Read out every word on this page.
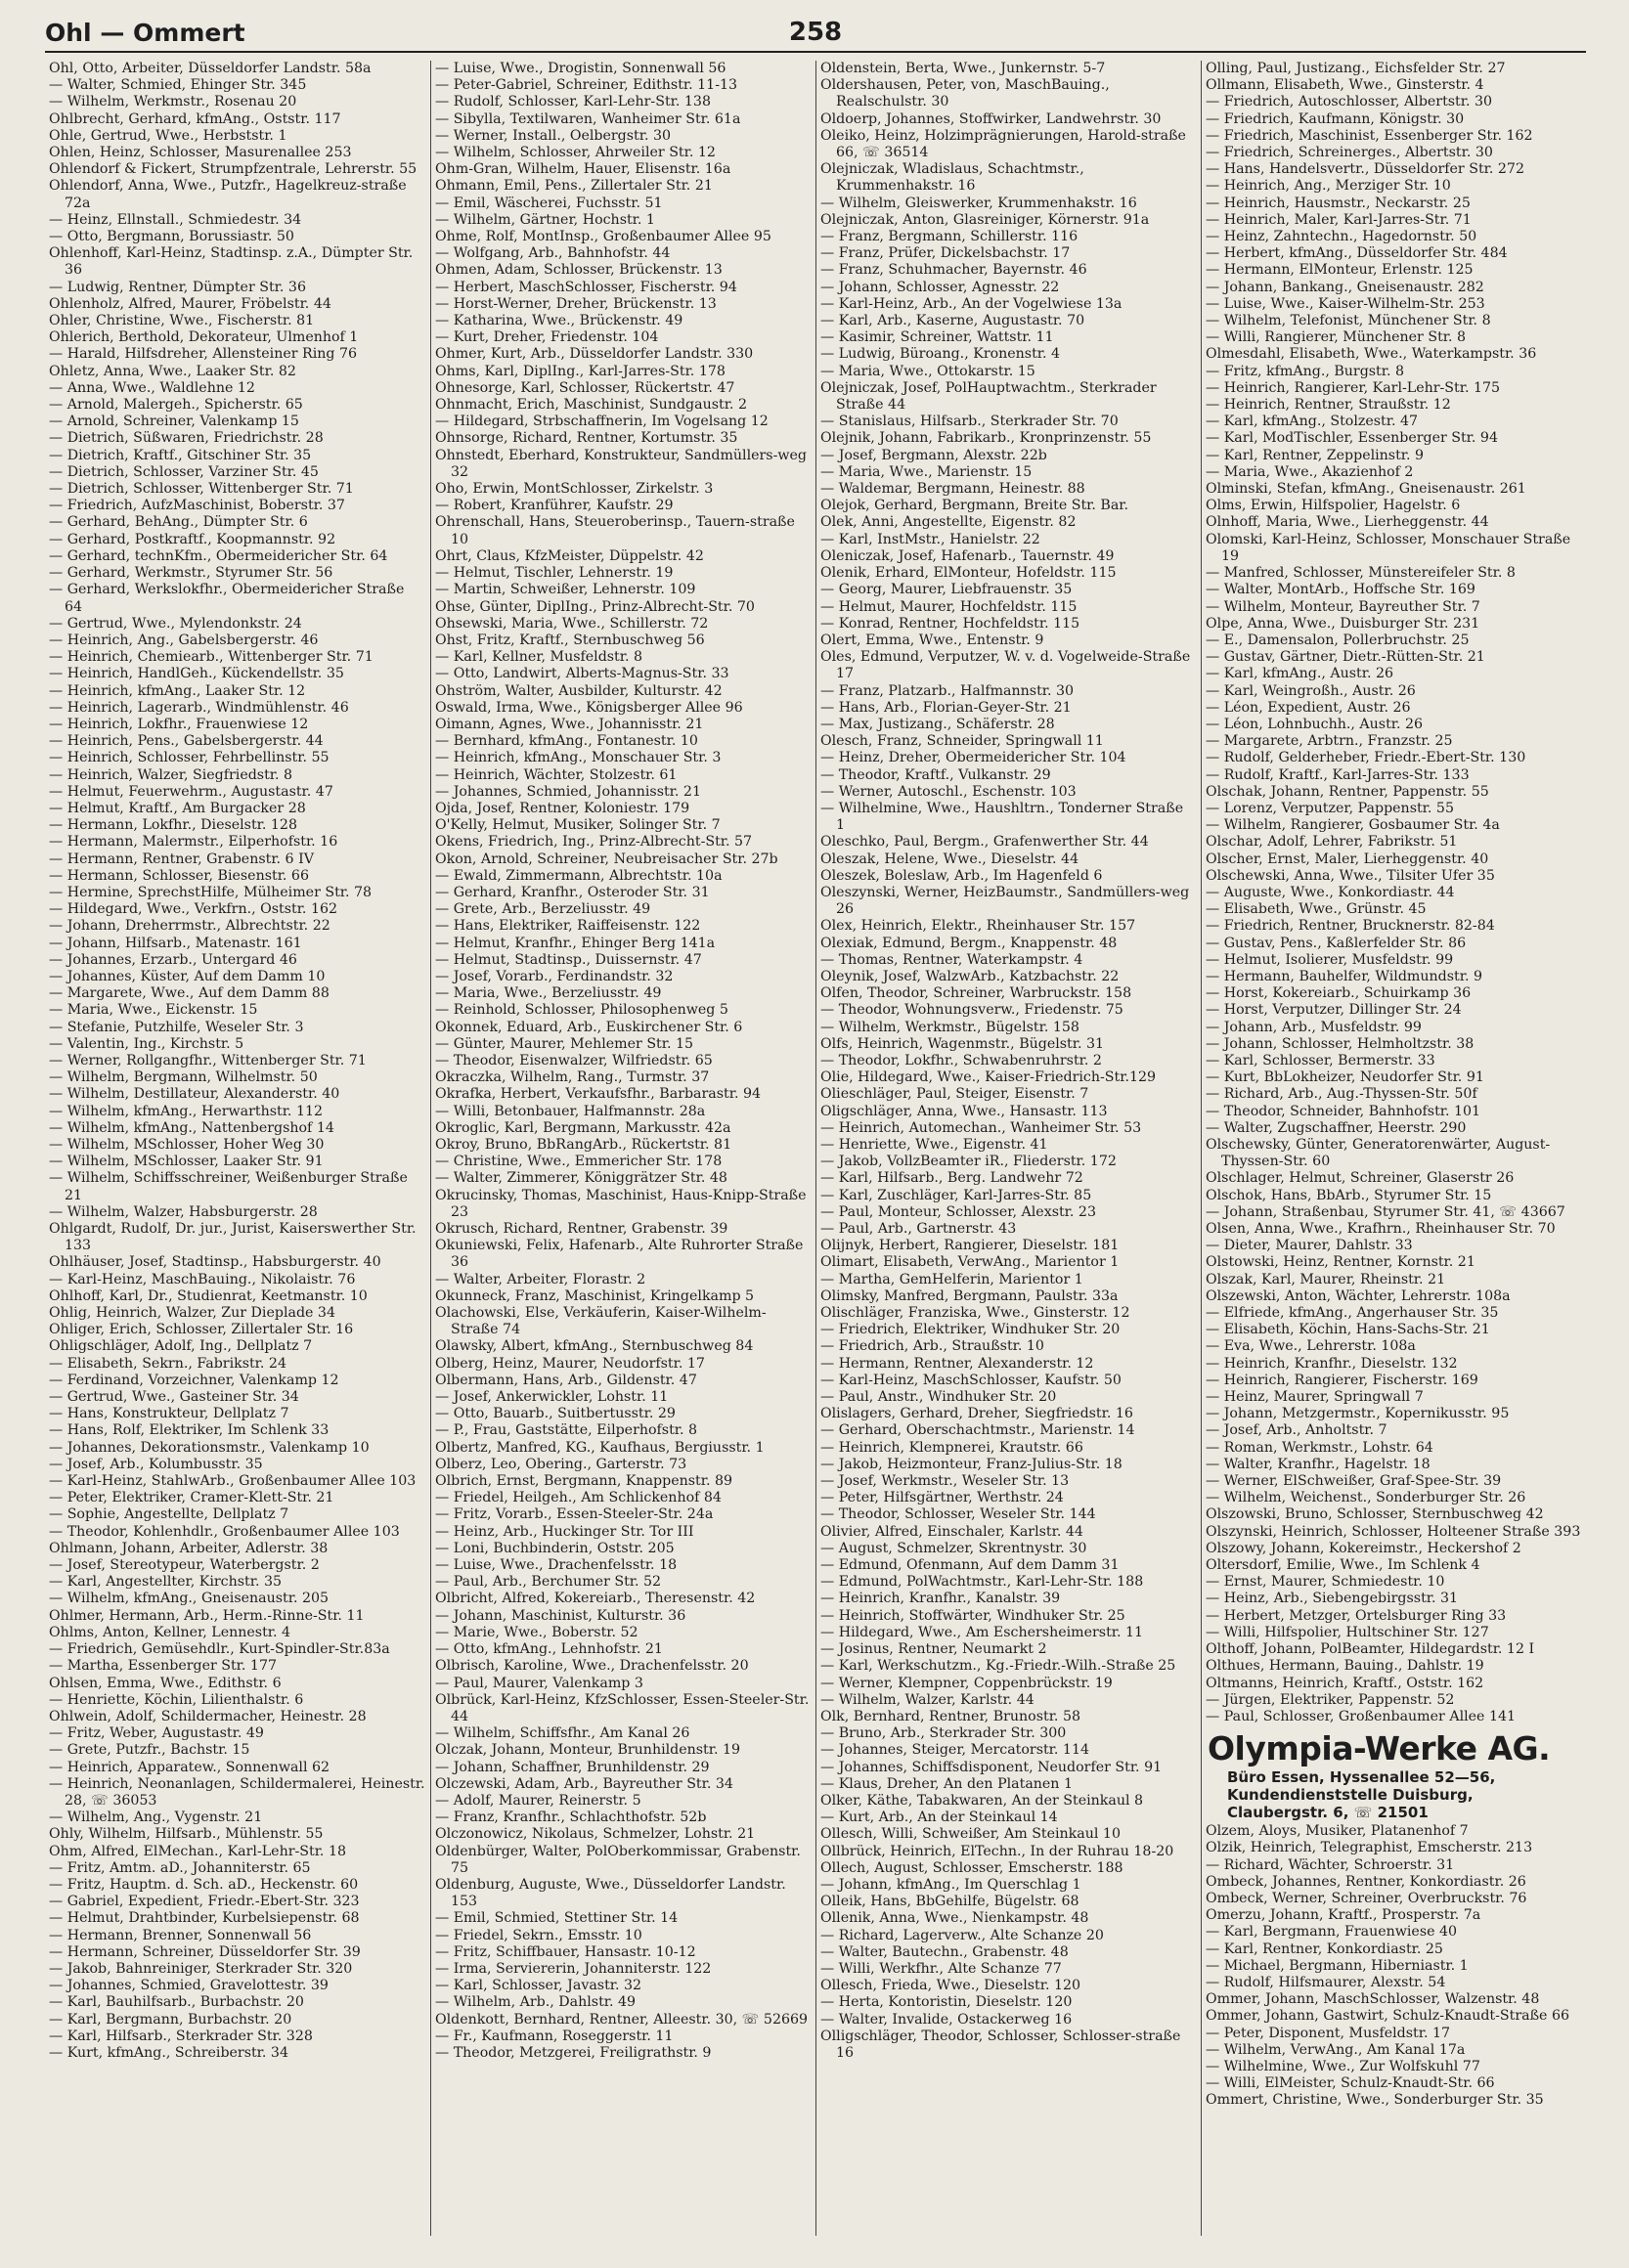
Ohl — Ommert	258
Ohl, Otto, Arbeiter, Düsseldorfer Landstr. 58a
— Walter, Schmied, Ehinger Str. 345
— Wilhelm, Werkmstr., Rosenau 20
Ohlbrecht, Gerhard, kfmAng., Oststr. 117
Ohle, Gertrud, Wwe., Herbststr. 1
Ohlen, Heinz, Schlosser, Masurenallee 253
Ohlendorf & Fickert, Strumpfzentrale, Lehrerstr. 55
Ohlendorf, Anna, Wwe., Putzfr., Hagelkreuz-straße 72a
— Heinz, Ellnstall., Schmiedestr. 34
— Otto, Bergmann, Borussiastr. 50
Ohlenhoff, Karl-Heinz, Stadtinsp. z.A., Dümpter Str. 36
— Ludwig, Rentner, Dümpter Str. 36
Ohlenholz, Alfred, Maurer, Fröbelstr. 44
Ohler, Christine, Wwe., Fischerstr. 81
Ohlerich, Berthold, Dekorateur, Ulmenhof 1
— Harald, Hilfsdreher, Allensteiner Ring 76
Ohletz, Anna, Wwe., Laaker Str. 82
— Anna, Wwe., Waldlehne 12
— Arnold, Malergeh., Spicherstr. 65
— Arnold, Schreiner, Valenkamp 15
— Dietrich, Süßwaren, Friedrichstr. 28
— Dietrich, Kraftf., Gitschiner Str. 35
— Dietrich, Schlosser, Varziner Str. 45
— Dietrich, Schlosser, Wittenberger Str. 71
— Friedrich, AufzMaschinist, Boberstr. 37
— Gerhard, BehAng., Dümpter Str. 6
— Gerhard, Postkraftf., Koopmannstr. 92
— Gerhard, technKfm., Obermeidericher Str. 64
— Gerhard, Werkmstr., Styrumer Str. 56
— Gerhard, Werkslokfhr., Obermeidericher Straße 64
— Gertrud, Wwe., Mylendonkstr. 24
— Heinrich, Ang., Gabelsbergerstr. 46
— Heinrich, Chemiearb., Wittenberger Str. 71
— Heinrich, HandlGeh., Kückendellstr. 35
— Heinrich, kfmAng., Laaker Str. 12
— Heinrich, Lagerarb., Windmühlenstr. 46
— Heinrich, Lokfhr., Frauenwiese 12
— Heinrich, Pens., Gabelsbergerstr. 44
— Heinrich, Schlosser, Fehrbellinstr. 55
— Heinrich, Walzer, Siegfriedstr. 8
— Helmut, Feuerwehrm., Augustastr. 47
— Helmut, Kraftf., Am Burgacker 28
— Hermann, Lokfhr., Dieselstr. 128
— Hermann, Malermstr., Eilperhofstr. 16
— Hermann, Rentner, Grabenstr. 6 IV
— Hermann, Schlosser, Biesenstr. 66
— Hermine, SprechstHilfe, Mülheimer Str. 78
— Hildegard, Wwe., Verkfrn., Oststr. 162
— Johann, Dreherrmstr., Albrechtstr. 22
— Johann, Hilfsarb., Matenastr. 161
— Johannes, Erzarb., Untergard 46
— Johannes, Küster, Auf dem Damm 10
— Margarete, Wwe., Auf dem Damm 88
— Maria, Wwe., Eickenstr. 15
— Stefanie, Putzhilfe, Weseler Str. 3
— Valentin, Ing., Kirchstr. 5
— Werner, Rollgangfhr., Wittenberger Str. 71
— Wilhelm, Bergmann, Wilhelmstr. 50
— Wilhelm, Destillateur, Alexanderstr. 40
— Wilhelm, kfmAng., Herwarthstr. 112
— Wilhelm, kfmAng., Nattenbergshof 14
— Wilhelm, MSchlosser, Hoher Weg 30
— Wilhelm, MSchlosser, Laaker Str. 91
— Wilhelm, Schiffsschreiner, Weißenburger Straße 21
— Wilhelm, Walzer, Habsburgerstr. 28
Ohlgardt, Rudolf, Dr. jur., Jurist, Kaiserswerther Str. 133
Ohlhäuser, Josef, Stadtinsp., Habsburgerstr. 40
— Karl-Heinz, MaschBauing., Nikolaistr. 76
Ohlhoff, Karl, Dr., Studienrat, Keetmanstr. 10
Ohlig, Heinrich, Walzer, Zur Dieplade 34
Ohliger, Erich, Schlosser, Zillertaler Str. 16
Ohligschläger, Adolf, Ing., Dellplatz 7
— Elisabeth, Sekrn., Fabrikstr. 24
— Ferdinand, Vorzeichner, Valenkamp 12
— Gertrud, Wwe., Gasteiner Str. 34
— Hans, Konstrukteur, Dellplatz 7
— Hans, Rolf, Elektriker, Im Schlenk 33
— Johannes, Dekorationsmstr., Valenkamp 10
— Josef, Arb., Kolumbusstr. 35
— Karl-Heinz, StahlwArb., Großenbaumer Allee 103
— Peter, Elektriker, Cramer-Klett-Str. 21
— Sophie, Angestellte, Dellplatz 7
— Theodor, Kohlenhdlr., Großenbaumer Allee 103
Ohlmann, Johann, Arbeiter, Adlerstr. 38
— Josef, Stereotypeur, Waterbergstr. 2
— Karl, Angestellter, Kirchstr. 35
— Wilhelm, kfmAng., Gneisenaustr. 205
Ohlmer, Hermann, Arb., Herm.-Rinne-Str. 11
Ohlms, Anton, Kellner, Lennestr. 4
— Friedrich, Gemüsehdlr., Kurt-Spindler-Str.83a
— Martha, Essenberger Str. 177
Ohlsen, Emma, Wwe., Edithstr. 6
— Henriette, Köchin, Lilienthalstr. 6
Ohlwein, Adolf, Schildermacher, Heinestr. 28
— Fritz, Weber, Augustastr. 49
— Grete, Putzfr., Bachstr. 15
— Heinrich, Apparatew., Sonnenwall 62
— Heinrich, Neonanlagen, Schildermalerei, Heinestr. 28, ☏ 36053
— Wilhelm, Ang., Vygenstr. 21
Ohly, Wilhelm, Hilfsarb., Mühlenstr. 55
Ohm, Alfred, ElMechan., Karl-Lehr-Str. 18
— Fritz, Amtm. aD., Johanniterstr. 65
— Fritz, Hauptm. d. Sch. aD., Heckenstr. 60
— Gabriel, Expedient, Friedr.-Ebert-Str. 323
— Helmut, Drahtbinder, Kurbelsiepenstr. 68
— Hermann, Brenner, Sonnenwall 56
— Hermann, Schreiner, Düsseldorfer Str. 39
— Jakob, Bahnreiniger, Sterkrader Str. 320
— Johannes, Schmied, Gravelottestr. 39
— Karl, Bauhilfsarb., Burbachstr. 20
— Karl, Bergmann, Burbachstr. 20
— Karl, Hilfsarb., Sterkrader Str. 328
— Kurt, kfmAng., Schreiberstr. 34
— Luise, Wwe., Drogistin, Sonnenwall 56
— Peter-Gabriel, Schreiner, Edithstr. 11-13
— Rudolf, Schlosser, Karl-Lehr-Str. 138
— Sibylla, Textilwaren, Wanheimer Str. 61a
— Werner, Install., Oelbergstr. 30
— Wilhelm, Schlosser, Ahrweiler Str. 12
Ohm-Gran, Wilhelm, Hauer, Elisenstr. 16a
Ohmann, Emil, Pens., Zillertaler Str. 21
— Emil, Wäscherei, Fuchsstr. 51
— Wilhelm, Gärtner, Hochstr. 1
Ohme, Rolf, MontInsp., Großenbaumer Allee 95
— Wolfgang, Arb., Bahnhofstr. 44
Ohmen, Adam, Schlosser, Brückenstr. 13
— Herbert, MaschSchlosser, Fischerstr. 94
— Horst-Werner, Dreher, Brückenstr. 13
— Katharina, Wwe., Brückenstr. 49
— Kurt, Dreher, Friedenstr. 104
Ohmer, Kurt, Arb., Düsseldorfer Landstr. 330
Ohms, Karl, DiplIng., Karl-Jarres-Str. 178
Ohnesorge, Karl, Schlosser, Rückertstr. 47
Ohnmacht, Erich, Maschinist, Sundgaustr. 2
— Hildegard, Strbschaffnerin, Im Vogelsang 12
Ohnsorge, Richard, Rentner, Kortumstr. 35
Ohnstedt, Eberhard, Konstrukteur, Sandmüllers-weg 32
Oho, Erwin, MontSchlosser, Zirkelstr. 3
— Robert, Kranführer, Kaufstr. 29
Ohrenschall, Hans, Steueroberinsp., Tauern-straße 10
Ohrt, Claus, KfzMeister, Düppelstr. 42
— Helmut, Tischler, Lehnerstr. 19
— Martin, Schweißer, Lehnerstr. 109
Ohse, Günter, DiplIng., Prinz-Albrecht-Str. 70
Ohsewski, Maria, Wwe., Schillerstr. 72
Ohst, Fritz, Kraftf., Sternbuschweg 56
— Karl, Kellner, Musfeldstr. 8
— Otto, Landwirt, Alberts-Magnus-Str. 33
Ohström, Walter, Ausbilder, Kulturstr. 42
Oswald, Irma, Wwe., Königsberger Allee 96
Oimann, Agnes, Wwe., Johannisstr. 21
— Bernhard, kfmAng., Fontanestr. 10
— Heinrich, kfmAng., Monschauer Str. 3
— Heinrich, Wächter, Stolzestr. 61
— Johannes, Schmied, Johannisstr. 21
Ojda, Josef, Rentner, Koloniestr. 179
O'Kelly, Helmut, Musiker, Solinger Str. 7
Okens, Friedrich, Ing., Prinz-Albrecht-Str. 57
Okon, Arnold, Schreiner, Neubreisacher Str. 27b
— Ewald, Zimmermann, Albrechtstr. 10a
— Gerhard, Kranfhr., Osteroder Str. 31
— Grete, Arb., Berzeliusstr. 49
— Hans, Elektriker, Raiffeisenstr. 122
— Helmut, Kranfhr., Ehinger Berg 141a
— Helmut, Stadtinsp., Duissernstr. 47
— Josef, Vorarb., Ferdinandstr. 32
— Maria, Wwe., Berzeliusstr. 49
— Reinhold, Schlosser, Philosophenweg 5
Okonnek, Eduard, Arb., Euskirchener Str. 6
— Günter, Maurer, Mehlemer Str. 15
— Theodor, Eisenwalzer, Wilfriedstr. 65
Okraczka, Wilhelm, Rang., Turmstr. 37
Okrafka, Herbert, Verkaufsfhr., Barbarastr. 94
— Willi, Betonbauer, Halfmannstr. 28a
Okroglic, Karl, Bergmann, Markusstr. 42a
Okroy, Bruno, BbRangArb., Rückertstr. 81
— Christine, Wwe., Emmericher Str. 178
— Walter, Zimmerer, Königgrätzer Str. 48
Okrucinsky, Thomas, Maschinist, Haus-Knipp-Straße 23
Okrusch, Richard, Rentner, Grabenstr. 39
Okuniewski, Felix, Hafenarb., Alte Ruhrorter Straße 36
— Walter, Arbeiter, Florastr. 2
Okunneck, Franz, Maschinist, Kringelkamp 5
Olachowski, Else, Verkäuferin, Kaiser-Wilhelm-Straße 74
Olawsky, Albert, kfmAng., Sternbuschweg 84
Olberg, Heinz, Maurer, Neudorfstr. 17
Olbermann, Hans, Arb., Gildenstr. 47
— Josef, Ankerwickler, Lohstr. 11
— Otto, Bauarb., Suitbertusstr. 29
— P., Frau, Gaststätte, Eilperhofstr. 8
Olbertz, Manfred, KG., Kaufhaus, Bergiusstr. 1
Olberz, Leo, Obering., Garterstr. 73
Olbrich, Ernst, Bergmann, Knappenstr. 89
— Friedel, Heilgeh., Am Schlickenhof 84
— Fritz, Vorarb., Essen-Steeler-Str. 24a
— Heinz, Arb., Huckinger Str. Tor III
— Loni, Buchbinderin, Oststr. 205
— Luise, Wwe., Drachenfelsstr. 18
— Paul, Arb., Berchumer Str. 52
Olbricht, Alfred, Kokereiarb., Theresenstr. 42
— Johann, Maschinist, Kulturstr. 36
— Marie, Wwe., Boberstr. 52
— Otto, kfmAng., Lehnhofstr. 21
Olbrisch, Karoline, Wwe., Drachenfelsstr. 20
— Paul, Maurer, Valenkamp 3
Olbrück, Karl-Heinz, KfzSchlosser, Essen-Steeler-Str. 44
— Wilhelm, Schiffsfhr., Am Kanal 26
Olczak, Johann, Monteur, Brunhildenstr. 19
— Johann, Schaffner, Brunhildenstr. 29
Olczewski, Adam, Arb., Bayreuther Str. 34
— Adolf, Maurer, Reinerstr. 5
— Franz, Kranfhr., Schlachthofstr. 52b
Olczonowicz, Nikolaus, Schmelzer, Lohstr. 21
Oldenbürger, Walter, PolOberkommissar, Grabenstr. 75
Oldenburg, Auguste, Wwe., Düsseldorfer Landstr. 153
— Emil, Schmied, Stettiner Str. 14
— Friedel, Sekrn., Emsstr. 10
— Fritz, Schiffbauer, Hansastr. 10-12
— Irma, Serviererin, Johanniterstr. 122
— Karl, Schlosser, Javastr. 32
— Wilhelm, Arb., Dahlstr. 49
Oldenkott, Bernhard, Rentner, Alleestr. 30, ☏ 52669
— Fr., Kaufmann, Roseggerstr. 11
— Theodor, Metzgerei, Freiligrathstr. 9
Oldenstein, Berta, Wwe., Junkernstr. 5-7
Oldershausen, Peter, von, MaschBauing., Realschulstr. 30
Oldoerp, Johannes, Stoffwirker, Landwehrstr. 30
Oleiko, Heinz, Holzimprägnierungen, Harold-straße 66, ☏ 36514
Olejniczak, Wladislaus, Schachtmstr., Krummenhakstr. 16
— Wilhelm, Gleiswerker, Krummenhakstr. 16
Olejniczak, Anton, Glasreiniger, Körnerstr. 91a
— Franz, Bergmann, Schillerstr. 116
— Franz, Prüfer, Dickelsbachstr. 17
— Franz, Schuhmacher, Bayernstr. 46
— Johann, Schlosser, Agnesstr. 22
— Karl-Heinz, Arb., An der Vogelwiese 13a
— Karl, Arb., Kaserne, Augustastr. 70
— Kasimir, Schreiner, Wattstr. 11
— Ludwig, Büroang., Kronenstr. 4
— Maria, Wwe., Ottokarstr. 15
Olejniczak, Josef, PolHauptwachtm., Sterkrader Straße 44
— Stanislaus, Hilfsarb., Sterkrader Str. 70
Olejnik, Johann, Fabrikarb., Kronprinzenstr. 55
— Josef, Bergmann, Alexstr. 22b
— Maria, Wwe., Marienstr. 15
— Waldemar, Bergmann, Heinestr. 88
Olejok, Gerhard, Bergmann, Breite Str. Bar.
Olek, Anni, Angestellte, Eigenstr. 82
— Karl, InstMstr., Hanielstr. 22
Oleniczak, Josef, Hafenarb., Tauernstr. 49
Olenik, Erhard, ElMonteur, Hofeldstr. 115
— Georg, Maurer, Liebfrauenstr. 35
— Helmut, Maurer, Hochfeldstr. 115
— Konrad, Rentner, Hochfeldstr. 115
Olert, Emma, Wwe., Entenstr. 9
Oles, Edmund, Verputzer, W. v. d. Vogelweide-Straße 17
— Franz, Platzarb., Halfmannstr. 30
— Hans, Arb., Florian-Geyer-Str. 21
— Max, Justizang., Schäferstr. 28
Olesch, Franz, Schneider, Springwall 11
— Heinz, Dreher, Obermeidericher Str. 104
— Theodor, Kraftf., Vulkanstr. 29
— Werner, Autoschl., Eschenstr. 103
— Wilhelmine, Wwe., Haushltrn., Tonderner Straße 1
Oleschko, Paul, Bergm., Grafenwerther Str. 44
Oleszak, Helene, Wwe., Dieselstr. 44
Oleszek, Boleslaw, Arb., Im Hagenfeld 6
Oleszynski, Werner, HeizBaumstr., Sandmüllers-weg 26
Olex, Heinrich, Elektr., Rheinhauser Str. 157
Olexiak, Edmund, Bergm., Knappenstr. 48
— Thomas, Rentner, Waterkampstr. 4
Oleynik, Josef, WalzwArb., Katzbachstr. 22
Olfen, Theodor, Schreiner, Warbruckstr. 158
— Theodor, Wohnungsverw., Friedenstr. 75
— Wilhelm, Werkmstr., Bügelstr. 158
Olfs, Heinrich, Wagenmstr., Bügelstr. 31
— Theodor, Lokfhr., Schwabenruhrstr. 2
Olie, Hildegard, Wwe., Kaiser-Friedrich-Str.129
Olieschläger, Paul, Steiger, Eisenstr. 7
Oligschläger, Anna, Wwe., Hansastr. 113
— Heinrich, Automechan., Wanheimer Str. 53
— Henriette, Wwe., Eigenstr. 41
— Jakob, VollzBeamter iR., Fliederstr. 172
— Karl, Hilfsarb., Berg. Landwehr 72
— Karl, Zuschläger, Karl-Jarres-Str. 85
— Paul, Monteur, Schlosser, Alexstr. 23
— Paul, Arb., Gartnerstr. 43
Olijnyk, Herbert, Rangierer, Dieselstr. 181
Olimart, Elisabeth, VerwAng., Marientor 1
— Martha, GemHelferin, Marientor 1
Olimsky, Manfred, Bergmann, Paulstr. 33a
Olischläger, Franziska, Wwe., Ginsterstr. 12
— Friedrich, Elektriker, Windhuker Str. 20
— Friedrich, Arb., Straußstr. 10
— Hermann, Rentner, Alexanderstr. 12
— Karl-Heinz, MaschSchlosser, Kaufstr. 50
— Paul, Anstr., Windhuker Str. 20
Olislagers, Gerhard, Dreher, Siegfriedstr. 16
— Gerhard, Oberschachtmstr., Marienstr. 14
— Heinrich, Klempnerei, Krautstr. 66
— Jakob, Heizmonteur, Franz-Julius-Str. 18
— Josef, Werkmstr., Weseler Str. 13
— Peter, Hilfsgärtner, Werthstr. 24
— Theodor, Schlosser, Weseler Str. 144
Olivier, Alfred, Einschaler, Karlstr. 44
— August, Schmelzer, Skrentnystr. 30
— Edmund, Ofenmann, Auf dem Damm 31
— Edmund, PolWachtmstr., Karl-Lehr-Str. 188
— Heinrich, Kranfhr., Kanalstr. 39
— Heinrich, Stoffwärter, Windhuker Str. 25
— Hildegard, Wwe., Am Eschersheimerstr. 11
— Josinus, Rentner, Neumarkt 2
— Karl, Werkschutzm., Kg.-Friedr.-Wilh.-Straße 25
— Werner, Klempner, Coppenbrückstr. 19
— Wilhelm, Walzer, Karlstr. 44
Olk, Bernhard, Rentner, Brunostr. 58
— Bruno, Arb., Sterkrader Str. 300
— Johannes, Steiger, Mercatorstr. 114
— Johannes, Schiffsdisponent, Neudorfer Str. 91
— Klaus, Dreher, An den Platanen 1
Olker, Käthe, Tabakwaren, An der Steinkaul 8
— Kurt, Arb., An der Steinkaul 14
Ollesch, Willi, Schweißer, Am Steinkaul 10
Ollbrück, Heinrich, ElTechn., In der Ruhrau 18-20
Ollech, August, Schlosser, Emscherstr. 188
— Johann, kfmAng., Im Querschlag 1
Olleik, Hans, BbGehilfe, Bügelstr. 68
Ollenik, Anna, Wwe., Nienkampstr. 48
— Richard, Lagerverw., Alte Schanze 20
— Walter, Bautechn., Grabenstr. 48
— Willi, Werkfhr., Alte Schanze 77
Ollesch, Frieda, Wwe., Dieselstr. 120
— Herta, Kontoristin, Dieselstr. 120
— Walter, Invalide, Ostackerweg 16
Olligschläger, Theodor, Schlosser, Schlosser-straße 16
Olling, Paul, Justizang., Eichsfelder Str. 27
Ollmann, Elisabeth, Wwe., Ginsterstr. 4
— Friedrich, Autoschlosser, Albertstr. 30
— Friedrich, Kaufmann, Königstr. 30
— Friedrich, Maschinist, Essenberger Str. 162
— Friedrich, Schreinerges., Albertstr. 30
— Hans, Handelsvertr., Düsseldorfer Str. 272
— Heinrich, Ang., Merziger Str. 10
— Heinrich, Hausmstr., Neckarstr. 25
— Heinrich, Maler, Karl-Jarres-Str. 71
— Heinz, Zahntechn., Hagedornstr. 50
— Herbert, kfmAng., Düsseldorfer Str. 484
— Hermann, ElMonteur, Erlenstr. 125
— Johann, Bankang., Gneisenaustr. 282
— Luise, Wwe., Kaiser-Wilhelm-Str. 253
— Wilhelm, Telefonist, Münchener Str. 8
— Willi, Rangierer, Münchener Str. 8
Olmesdahl, Elisabeth, Wwe., Waterkampstr. 36
— Fritz, kfmAng., Burgstr. 8
— Heinrich, Rangierer, Karl-Lehr-Str. 175
— Heinrich, Rentner, Straußstr. 12
— Karl, kfmAng., Stolzestr. 47
— Karl, ModTischler, Essenberger Str. 94
— Karl, Rentner, Zeppelinstr. 9
— Maria, Wwe., Akazienhof 2
Olminski, Stefan, kfmAng., Gneisenaustr. 261
Olms, Erwin, Hilfspolier, Hagelstr. 6
Olnhoff, Maria, Wwe., Lierheggenstr. 44
Olomski, Karl-Heinz, Schlosser, Monschauer Straße 19
— Manfred, Schlosser, Münstereifeler Str. 8
— Walter, MontArb., Hoffsche Str. 169
— Wilhelm, Monteur, Bayreuther Str. 7
Olpe, Anna, Wwe., Duisburger Str. 231
— E., Damensalon, Pollerbruchstr. 25
— Gustav, Gärtner, Dietr.-Rütten-Str. 21
— Karl, kfmAng., Austr. 26
— Karl, Weingroßh., Austr. 26
— Léon, Expedient, Austr. 26
— Léon, Lohnbuchh., Austr. 26
— Margarete, Arbtrn., Franzstr. 25
— Rudolf, Gelderheber, Friedr.-Ebert-Str. 130
— Rudolf, Kraftf., Karl-Jarres-Str. 133
Olschak, Johann, Rentner, Pappenstr. 55
— Lorenz, Verputzer, Pappenstr. 55
— Wilhelm, Rangierer, Gosbaumer Str. 4a
Olschar, Adolf, Lehrer, Fabrikstr. 51
Olscher, Ernst, Maler, Lierheggenstr. 40
Olschewski, Anna, Wwe., Tilsiter Ufer 35
— Auguste, Wwe., Konkordiastr. 44
— Elisabeth, Wwe., Grünstr. 45
— Friedrich, Rentner, Brucknerstr. 82-84
— Gustav, Pens., Kaßlerfelder Str. 86
— Helmut, Isolierer, Musfeldstr. 99
— Hermann, Bauhelfer, Wildmundstr. 9
— Horst, Kokereiarb., Schuirkamp 36
— Horst, Verputzer, Dillinger Str. 24
— Johann, Arb., Musfeldstr. 99
— Johann, Schlosser, Helmholtzstr. 38
— Karl, Schlosser, Bermerstr. 33
— Kurt, BbLokheizer, Neudorfer Str. 91
— Richard, Arb., Aug.-Thyssen-Str. 50f
— Theodor, Schneider, Bahnhofstr. 101
— Walter, Zugschaffner, Heerstr. 290
Olschewsky, Günter, Generatorenwärter, August-Thyssen-Str. 60
Olschlager, Helmut, Schreiner, Glaserstr 26
Olschok, Hans, BbArb., Styrumer Str. 15
— Johann, Straßenbau, Styrumer Str. 41, ☏ 43667
Olsen, Anna, Wwe., Krafhrn., Rheinhauser Str. 70
— Dieter, Maurer, Dahlstr. 33
Olstowski, Heinz, Rentner, Kornstr. 21
Olszak, Karl, Maurer, Rheinstr. 21
Olszewski, Anton, Wächter, Lehrerstr. 108a
— Elfriede, kfmAng., Angerhauser Str. 35
— Elisabeth, Köchin, Hans-Sachs-Str. 21
— Eva, Wwe., Lehrerstr. 108a
— Heinrich, Kranfhr., Dieselstr. 132
— Heinrich, Rangierer, Fischerstr. 169
— Heinz, Maurer, Springwall 7
— Johann, Metzgermstr., Kopernikusstr. 95
— Josef, Arb., Anholtstr. 7
— Roman, Werkmstr., Lohstr. 64
— Walter, Kranfhr., Hagelstr. 18
— Werner, ElSchweißer, Graf-Spee-Str. 39
— Wilhelm, Weichenst., Sonderburger Str. 26
Olszowski, Bruno, Schlosser, Sternbuschweg 42
Olszynski, Heinrich, Schlosser, Holteener Straße 393
Olszowy, Johann, Kokereimstr., Heckershof 2
Oltersdorf, Emilie, Wwe., Im Schlenk 4
— Ernst, Maurer, Schmiedestr. 10
— Heinz, Arb., Siebengebirgsstr. 31
— Herbert, Metzger, Ortelsburger Ring 33
— Willi, Hilfspolier, Hultschiner Str. 127
Olthoff, Johann, PolBeamter, Hildegardstr. 12 I
Olthues, Hermann, Bauing., Dahlstr. 19
Oltmanns, Heinrich, Kraftf., Oststr. 162
— Jürgen, Elektriker, Pappenstr. 52
— Paul, Schlosser, Großenbaumer Allee 141
Olympia-Werke AG.
Büro Essen, Hyssenallee 52—56,
Kundendienststelle Duisburg,
Claubergstr. 6, ☏ 21501
Olzem, Aloys, Musiker, Platanenhof 7
Olzik, Heinrich, Telegraphist, Emscherstr. 213
— Richard, Wächter, Schroerstr. 31
Ombeck, Johannes, Rentner, Konkordiastr. 26
Ombeck, Werner, Schreiner, Overbruckstr. 76
Omerzu, Johann, Kraftf., Prosperstr. 7a
— Karl, Bergmann, Frauenwiese 40
— Karl, Rentner, Konkordiastr. 25
— Michael, Bergmann, Hiberniastr. 1
— Rudolf, Hilfsmaurer, Alexstr. 54
Ommer, Johann, MaschSchlosser, Walzenstr. 48
Ommer, Johann, Gastwirt, Schulz-Knaudt-Straße 66
— Peter, Disponent, Musfeldstr. 17
— Wilhelm, VerwAng., Am Kanal 17a
— Wilhelmine, Wwe., Zur Wolfskuhl 77
— Willi, ElMeister, Schulz-Knaudt-Str. 66
Ommert, Christine, Wwe., Sonderburger Str. 35
